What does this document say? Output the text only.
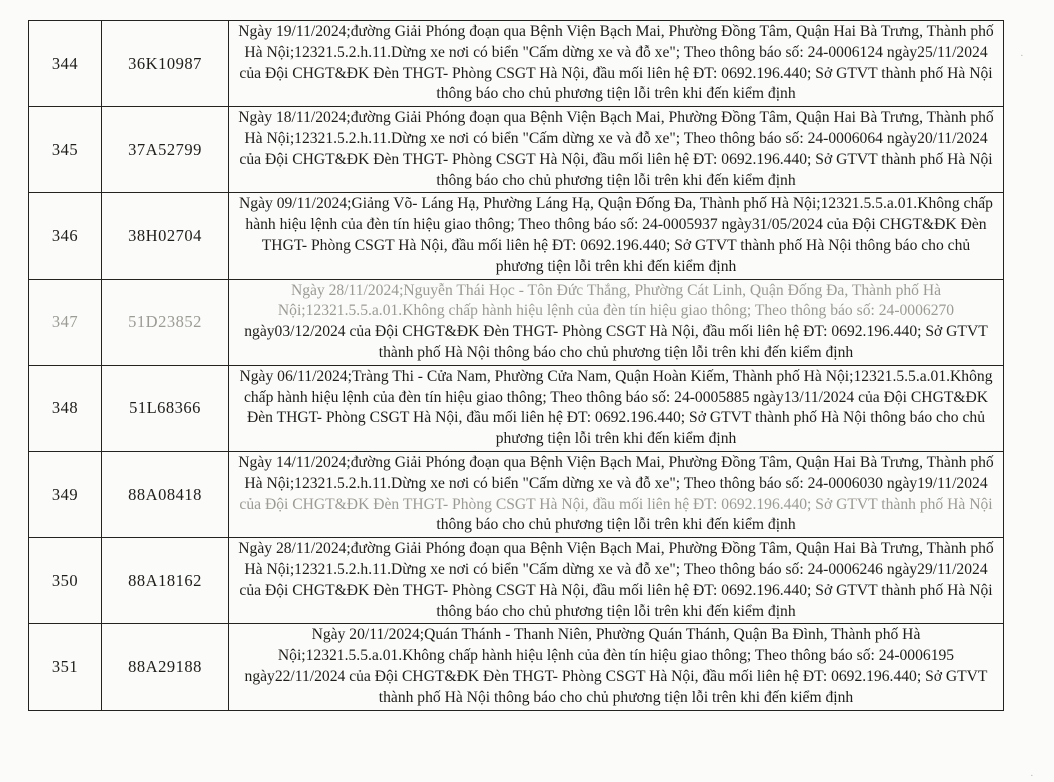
344	36K10987	Ngày 19/11/2024;đường Giải Phóng đoạn qua Bệnh Viện Bạch Mai, Phường Đồng Tâm, Quận Hai Bà Trưng, Thành phố Hà Nội;12321.5.2.h.11.Dừng xe nơi có biển "Cấm dừng xe và đỗ xe"; Theo thông báo số: 24-0006124 ngày25/11/2024 của Đội CHGT&ĐK Đèn THGT- Phòng CSGT Hà Nội, đầu mối liên hệ ĐT: 0692.196.440; Sở GTVT thành phố Hà Nội thông báo cho chủ phương tiện lỗi trên khi đến kiểm định
345	37A52799	Ngày 18/11/2024;đường Giải Phóng đoạn qua Bệnh Viện Bạch Mai, Phường Đồng Tâm, Quận Hai Bà Trưng, Thành phố Hà Nội;12321.5.2.h.11.Dừng xe nơi có biển "Cấm dừng xe và đỗ xe"; Theo thông báo số: 24-0006064 ngày20/11/2024 của Đội CHGT&ĐK Đèn THGT- Phòng CSGT Hà Nội, đầu mối liên hệ ĐT: 0692.196.440; Sở GTVT thành phố Hà Nội thông báo cho chủ phương tiện lỗi trên khi đến kiểm định
346	38H02704	Ngày 09/11/2024;Giảng Võ- Láng Hạ, Phường Láng Hạ, Quận Đống Đa, Thành phố Hà Nội;12321.5.5.a.01.Không chấp hành hiệu lệnh của đèn tín hiệu giao thông; Theo thông báo số: 24-0005937 ngày31/05/2024 của Đội CHGT&ĐK Đèn THGT- Phòng CSGT Hà Nội, đầu mối liên hệ ĐT: 0692.196.440; Sở GTVT thành phố Hà Nội thông báo cho chủ phương tiện lỗi trên khi đến kiểm định
347	51D23852	Ngày 28/11/2024;Nguyễn Thái Học - Tôn Đức Thắng, Phường Cát Linh, Quận Đống Đa, Thành phố Hà Nội;12321.5.5.a.01.Không chấp hành hiệu lệnh của đèn tín hiệu giao thông; Theo thông báo số: 24-0006270 ngày03/12/2024 của Đội CHGT&ĐK Đèn THGT- Phòng CSGT Hà Nội, đầu mối liên hệ ĐT: 0692.196.440; Sở GTVT thành phố Hà Nội thông báo cho chủ phương tiện lỗi trên khi đến kiểm định
348	51L68366	Ngày 06/11/2024;Tràng Thi - Cửa Nam, Phường Cửa Nam, Quận Hoàn Kiếm, Thành phố Hà Nội;12321.5.5.a.01.Không chấp hành hiệu lệnh của đèn tín hiệu giao thông; Theo thông báo số: 24-0005885 ngày13/11/2024 của Đội CHGT&ĐK Đèn THGT- Phòng CSGT Hà Nội, đầu mối liên hệ ĐT: 0692.196.440; Sở GTVT thành phố Hà Nội thông báo cho chủ phương tiện lỗi trên khi đến kiểm định
349	88A08418	Ngày 14/11/2024;đường Giải Phóng đoạn qua Bệnh Viện Bạch Mai, Phường Đồng Tâm, Quận Hai Bà Trưng, Thành phố Hà Nội;12321.5.2.h.11.Dừng xe nơi có biển "Cấm dừng xe và đỗ xe"; Theo thông báo số: 24-0006030 ngày19/11/2024 của Đội CHGT&ĐK Đèn THGT- Phòng CSGT Hà Nội, đầu mối liên hệ ĐT: 0692.196.440; Sở GTVT thành phố Hà Nội thông báo cho chủ phương tiện lỗi trên khi đến kiểm định
350	88A18162	Ngày 28/11/2024;đường Giải Phóng đoạn qua Bệnh Viện Bạch Mai, Phường Đồng Tâm, Quận Hai Bà Trưng, Thành phố Hà Nội;12321.5.2.h.11.Dừng xe nơi có biển "Cấm dừng xe và đỗ xe"; Theo thông báo số: 24-0006246 ngày29/11/2024 của Đội CHGT&ĐK Đèn THGT- Phòng CSGT Hà Nội, đầu mối liên hệ ĐT: 0692.196.440; Sở GTVT thành phố Hà Nội thông báo cho chủ phương tiện lỗi trên khi đến kiểm định
351	88A29188	Ngày 20/11/2024;Quán Thánh - Thanh Niên, Phường Quán Thánh, Quận Ba Đình, Thành phố Hà Nội;12321.5.5.a.01.Không chấp hành hiệu lệnh của đèn tín hiệu giao thông; Theo thông báo số: 24-0006195 ngày22/11/2024 của Đội CHGT&ĐK Đèn THGT- Phòng CSGT Hà Nội, đầu mối liên hệ ĐT: 0692.196.440; Sở GTVT thành phố Hà Nội thông báo cho chủ phương tiện lỗi trên khi đến kiểm định
·
·
